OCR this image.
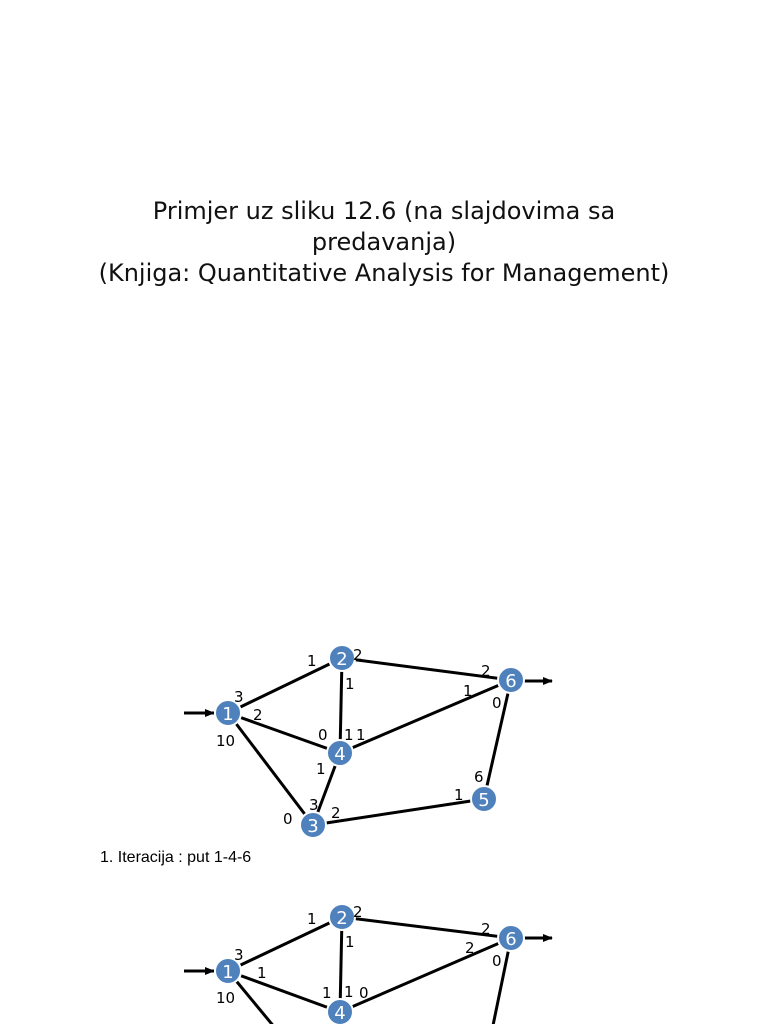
Primjer uz sliku 12.6 (na slajdovima sa
predavanja)
(Knjiga: Quantitative Analysis for Management)
1
2
3
4
5
6
3
1 2
2
1
2
10	0 1 1
1
0
1	6
1
3 2
0
1. Iteracija : put 1-4-6
1
2
4
6
3
1 2
2
1	2
0
1
10	1 1 0
